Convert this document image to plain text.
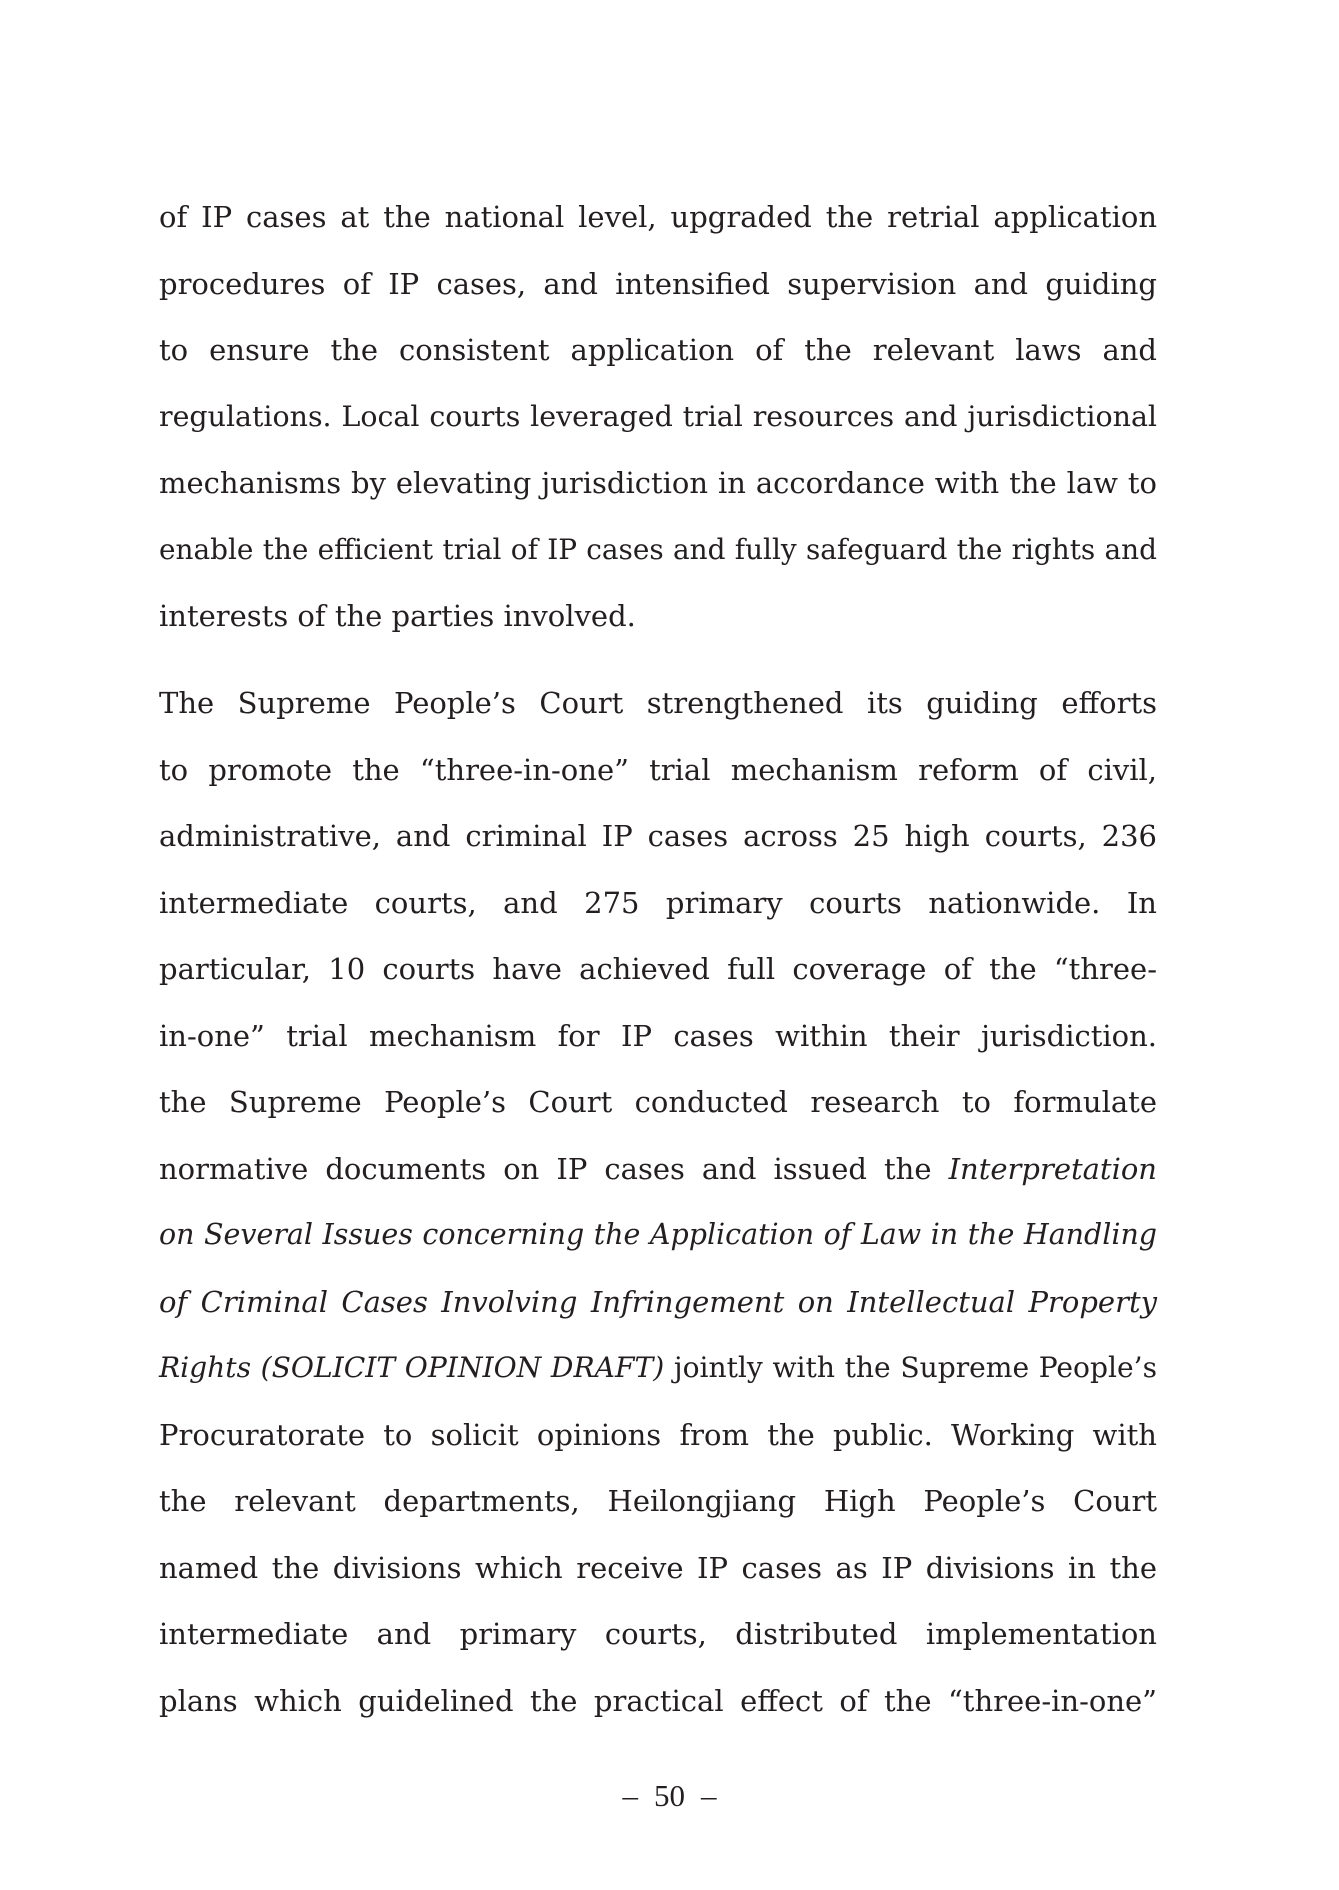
of IP cases at the national level, upgraded the retrial application
procedures of IP cases, and intensified supervision and guiding
to ensure the consistent application of the relevant laws and
regulations. Local courts leveraged trial resources and jurisdictional
mechanisms by elevating jurisdiction in accordance with the law to
enable the efficient trial of IP cases and fully safeguard the rights and
interests of the parties involved.
The Supreme People’s Court strengthened its guiding efforts
to promote the “three-in-one” trial mechanism reform of civil,
administrative, and criminal IP cases across 25 high courts, 236
intermediate courts, and 275 primary courts nationwide. In
particular, 10 courts have achieved full coverage of the “three-
in-one” trial mechanism for IP cases within their jurisdiction.
the Supreme People’s Court conducted research to formulate
normative documents on IP cases and issued the Interpretation
on Several Issues concerning the Application of Law in the Handling
of Criminal Cases Involving Infringement on Intellectual Property
Rights (SOLICIT OPINION DRAFT) jointly with the Supreme People’s
Procuratorate to solicit opinions from the public. Working with
the relevant departments, Heilongjiang High People’s Court
named the divisions which receive IP cases as IP divisions in the
intermediate and primary courts, distributed implementation
plans which guidelined the practical effect of the “three-in-one”
– 50 –
